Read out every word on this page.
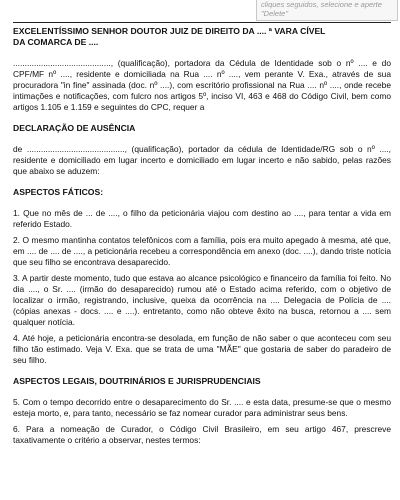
cliques seguidos, selecione e aperte "Delete"
EXCELENTÍSSIMO SENHOR DOUTOR JUIZ DE DIREITO DA .... ª VARA CÍVEL
DA COMARCA DE ....
.........................................., (qualificação), portadora da Cédula de Identidade sob o nº .... e do CPF/MF nº ...., residente e domiciliada na Rua .... nº ...., vem perante V. Exa., através de sua procuradora "in fine" assinada (doc. nº ....), com escritório profissional na Rua .... nº ...., onde recebe intimações e notificações, com fulcro nos artigos 5º, inciso VI, 463 e 468 do Código Civil, bem como artigos 1.105 e 1.159 e seguintes do CPC, requer a
DECLARAÇÃO DE AUSÊNCIA
de .........................................., (qualificação), portador da cédula de Identidade/RG sob o nº ...., residente e domiciliado em lugar incerto e domiciliado em lugar incerto e não sabido, pelas razões que abaixo se aduzem:
ASPECTOS FÁTICOS:
1. Que no mês de ... de ...., o filho da peticionária viajou com destino ao ...., para tentar a vida em referido Estado.
2. O mesmo mantinha contatos telefônicos com a família, pois era muito apegado à mesma, até que, em .... de .... de ...., a peticionária recebeu a correspondência em anexo (doc. ....), dando triste notícia que seu filho se encontrava desaparecido.
3. A partir deste momento, tudo que estava ao alcance psicológico e financeiro da família foi feito. No dia ...., o Sr. .... (irmão do desaparecido) rumou até o Estado acima referido, com o objetivo de localizar o irmão, registrando, inclusive, queixa da ocorrência na .... Delegacia de Polícia de .... (cópias anexas - docs. .... e ....). entretanto, como não obteve êxito na busca, retornou a .... sem qualquer notícia.
4. Até hoje, a peticionária encontra-se desolada, em função de não saber o que aconteceu com seu filho tão estimado. Veja V. Exa. que se trata de uma "MÃE" que gostaria de saber do paradeiro de seu filho.
ASPECTOS LEGAIS, DOUTRINÁRIOS E JURISPRUDENCIAIS
5. Com o tempo decorrido entre o desaparecimento do Sr. .... e esta data, presume-se que o mesmo esteja morto, e, para tanto, necessário se faz nomear curador para administrar seus bens.
6. Para a nomeação de Curador, o Código Civil Brasileiro, em seu artigo 467, prescreve taxativamente o critério a observar, nestes termos:
